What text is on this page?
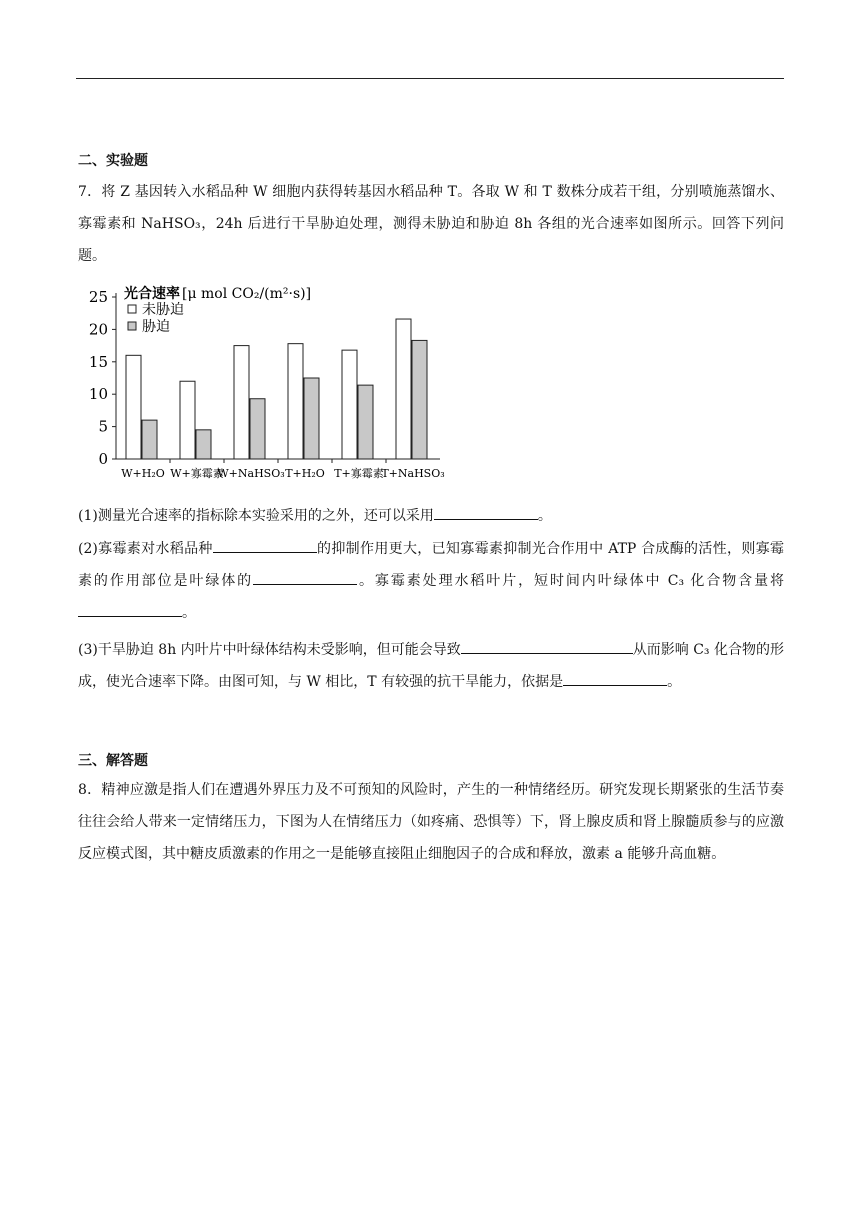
二、实验题
7．将 Z 基因转入水稻品种 W 细胞内获得转基因水稻品种 T。各取 W 和 T 数株分成若干组，分别喷施蒸馏水、寡霉素和 NaHSO₃，24h 后进行干旱胁迫处理，测得未胁迫和胁迫 8h 各组的光合速率如图所示。回答下列问题。
0
5
10
15
20
25
W+H₂O W+寡霉素
W+NaHSO₃ T+H₂O T+寡霉素
T+NaHSO₃
光合速率 [μ mol CO₂/(m²·s)]
未胁迫
胁迫
(1)测量光合速率的指标除本实验采用的之外，还可以采用	。
(2)寡霉素对水稻品种	的抑制作用更大，已知寡霉素抑制光合作用中 ATP 合成酶的活性，则寡霉素的作用部位是叶绿体的	。寡霉素处理水稻叶片，短时间内叶绿体中 C₃ 化合物含量将。
(3)干旱胁迫 8h 内叶片中叶绿体结构未受影响，但可能会导致	从而影响 C₃ 化合物的形成，使光合速率下降。由图可知，与 W 相比，T 有较强的抗干旱能力，依据是	。
三、解答题
8．精神应激是指人们在遭遇外界压力及不可预知的风险时，产生的一种情绪经历。研究发现长期紧张的生活节奏往往会给人带来一定情绪压力，下图为人在情绪压力（如疼痛、恐惧等）下，肾上腺皮质和肾上腺髓质参与的应激反应模式图，其中糖皮质激素的作用之一是能够直接阻止细胞因子的合成和释放，激素 a 能够升高血糖。
